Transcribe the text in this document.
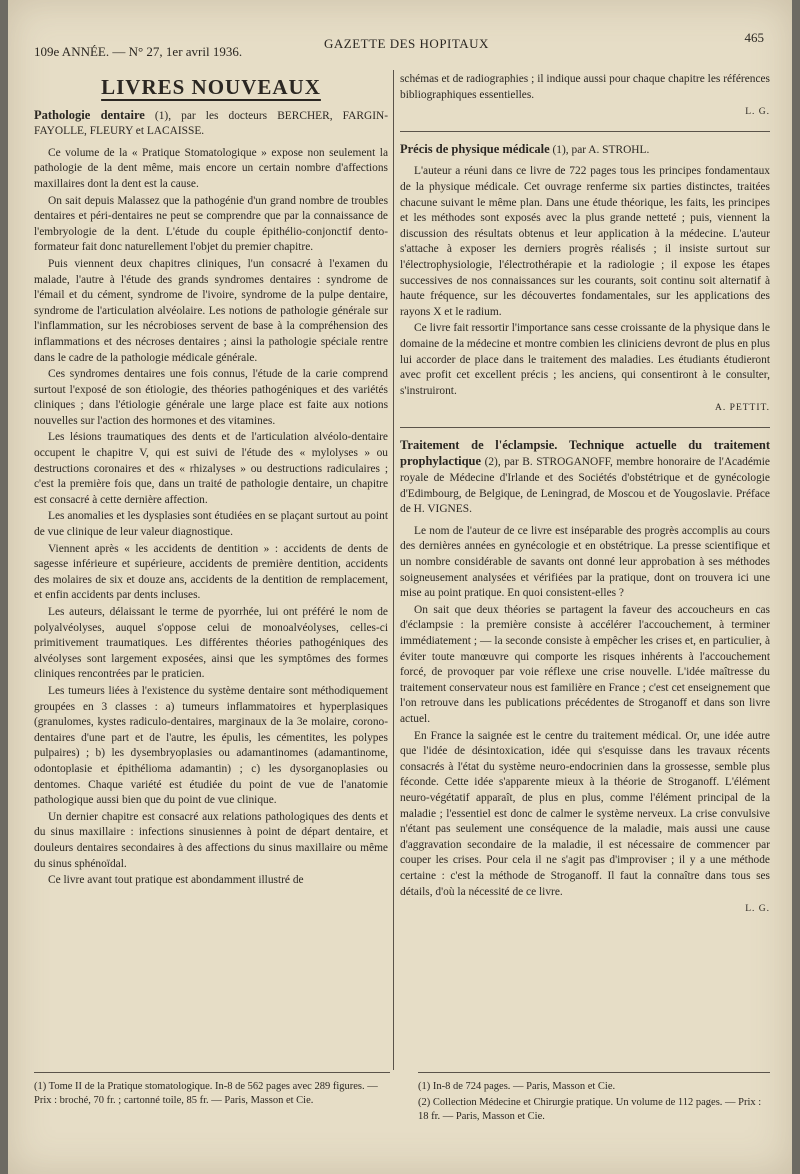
109e ANNÉE. — N° 27, 1er avril 1936.
GAZETTE DES HOPITAUX	465
LIVRES NOUVEAUX
Pathologie dentaire (1), par les docteurs BERCHER, FARGIN-FAYOLLE, FLEURY et LACAISSE.

Ce volume de la « Pratique Stomatologique » expose non seulement la pathologie de la dent même, mais encore un certain nombre d'affections maxillaires dont la dent est la cause.

On sait depuis Malassez que la pathogénie d'un grand nombre de troubles dentaires et péri-dentaires ne peut se comprendre que par la connaissance de l'embryologie de la dent. L'étude du couple épithélio-conjonctif dento-formateur fait donc naturellement l'objet du premier chapitre.

Puis viennent deux chapitres cliniques, l'un consacré à l'examen du malade, l'autre à l'étude des grands syndromes dentaires : syndrome de l'émail et du cément, syndrome de l'ivoire, syndrome de la pulpe dentaire, syndrome de l'articulation alvéolaire. Les notions de pathologie générale sur l'inflammation, sur les nécrobioses servent de base à la compréhension des inflammations et des nécroses dentaires ; ainsi la pathologie spéciale rentre dans le cadre de la pathologie médicale générale.

Ces syndromes dentaires une fois connus, l'étude de la carie comprend surtout l'exposé de son étiologie, des théories pathogéniques et des variétés cliniques ; dans l'étiologie générale une large place est faite aux notions nouvelles sur l'action des hormones et des vitamines.

Les lésions traumatiques des dents et de l'articulation alvéolo-dentaire occupent le chapitre V, qui est suivi de l'étude des « mylolyses » ou destructions coronaires et des « rhizalyses » ou destructions radiculaires ; c'est la première fois que, dans un traité de pathologie dentaire, un chapitre est consacré à cette dernière affection.

Les anomalies et les dysplasies sont étudiées en se plaçant surtout au point de vue clinique de leur valeur diagnostique.

Viennent après « les accidents de dentition » : accidents de dents de sagesse inférieure et supérieure, accidents de première dentition, accidents des molaires de six et douze ans, accidents de la dentition de remplacement, et enfin accidents par dents incluses.

Les auteurs, délaissant le terme de pyorrhée, lui ont préféré le nom de polyalvéolyses, auquel s'oppose celui de monoalvéolyses, celles-ci primitivement traumatiques. Les différentes théories pathogéniques des alvéolyses sont largement exposées, ainsi que les symptômes des formes cliniques rencontrées par le praticien.

Les tumeurs liées à l'existence du système dentaire sont méthodiquement groupées en 3 classes : a) tumeurs inflammatoires et hyperplasiques (granulomes, kystes radiculo-dentaires, marginaux de la 3e molaire, corono-dentaires d'une part et de l'autre, les épulis, les cémentites, les polypes pulpaires) ; b) les dysembryoplasies ou adamantinomes (adamantinome, odontoplasie et épithélioma adamantin) ; c) les dysorganoplasies ou dentomes. Chaque variété est étudiée du point de vue de l'anatomie pathologique aussi bien que du point de vue clinique.

Un dernier chapitre est consacré aux relations pathologiques des dents et du sinus maxillaire : infections sinusiennes à point de départ dentaire, et douleurs dentaires secondaires à des affections du sinus maxillaire ou même du sinus sphénoïdal.

Ce livre avant tout pratique est abondamment illustré de

schémas et de radiographies ; il indique aussi pour chaque chapitre les références bibliographiques essentielles.

L. G.

Précis de physique médicale (1), par A. STROHL.

L'auteur a réuni dans ce livre de 722 pages tous les principes fondamentaux de la physique médicale. Cet ouvrage renferme six parties distinctes, traitées chacune suivant le même plan. Dans une étude théorique, les faits, les principes et les méthodes sont exposés avec la plus grande netteté ; puis, viennent la discussion des résultats obtenus et leur application à la médecine. L'auteur s'attache à exposer les derniers progrès réalisés ; il insiste surtout sur l'électrophysiologie, l'électrothérapie et la radiologie ; il expose les étapes successives de nos connaissances sur les courants, soit continu soit alternatif à haute fréquence, sur les découvertes fondamentales, sur les applications des rayons X et le radium.

Ce livre fait ressortir l'importance sans cesse croissante de la physique dans le domaine de la médecine et montre combien les cliniciens devront de plus en plus lui accorder de place dans le traitement des maladies. Les étudiants étudieront avec profit cet excellent précis ; les anciens, qui consentiront à le consulter, s'instruiront.

A. PETTIT.

Traitement de l'éclampsie. Technique actuelle du traitement prophylactique (2), par B. STROGANOFF, membre honoraire de l'Académie royale de Médecine d'Irlande et des Sociétés d'obstétrique et de gynécologie d'Edimbourg, de Belgique, de Leningrad, de Moscou et de Yougoslavie. Préface de H. VIGNES.

Le nom de l'auteur de ce livre est inséparable des progrès accomplis au cours des dernières années en gynécologie et en obstétrique. La presse scientifique et un nombre considérable de savants ont donné leur approbation à ses méthodes soigneusement analysées et vérifiées par la pratique, dont on trouvera ici une mise au point pratique. En quoi consistent-elles ?

On sait que deux théories se partagent la faveur des accoucheurs en cas d'éclampsie : la première consiste à accélérer l'accouchement, à terminer immédiatement ; — la seconde consiste à empêcher les crises et, en particulier, à éviter toute manœuvre qui comporte les risques inhérents à l'accouchement forcé, de provoquer par voie réflexe une crise nouvelle. L'idée maîtresse du traitement conservateur nous est familière en France ; c'est cet enseignement que l'on retrouve dans les publications précédentes de Stroganoff et dans son livre actuel.

En France la saignée est le centre du traitement médical. Or, une idée autre que l'idée de désintoxication, idée qui s'esquisse dans les travaux récents consacrés à l'état du système neuro-endocrinien dans la grossesse, semble plus féconde. Cette idée s'apparente mieux à la théorie de Stroganoff. L'élément neuro-végétatif apparaît, de plus en plus, comme l'élément principal de la maladie ; l'essentiel est donc de calmer le système nerveux. La crise convulsive n'étant pas seulement une conséquence de la maladie, mais aussi une cause d'aggravation secondaire de la maladie, il est nécessaire de commencer par couper les crises. Pour cela il ne s'agit pas d'improviser ; il y a une méthode certaine : c'est la méthode de Stroganoff. Il faut la connaître dans tous ses détails, d'où la nécessité de ce livre.

L. G.

(1) Tome II de la Pratique stomatologique. In-8 de 562 pages avec 289 figures. — Prix : broché, 70 fr. ; cartonné toile, 85 fr. — Paris, Masson et Cie.
(1) In-8 de 724 pages. — Paris, Masson et Cie.
(2) Collection Médecine et Chirurgie pratique. Un volume de 112 pages. — Prix : 18 fr. — Paris, Masson et Cie.
